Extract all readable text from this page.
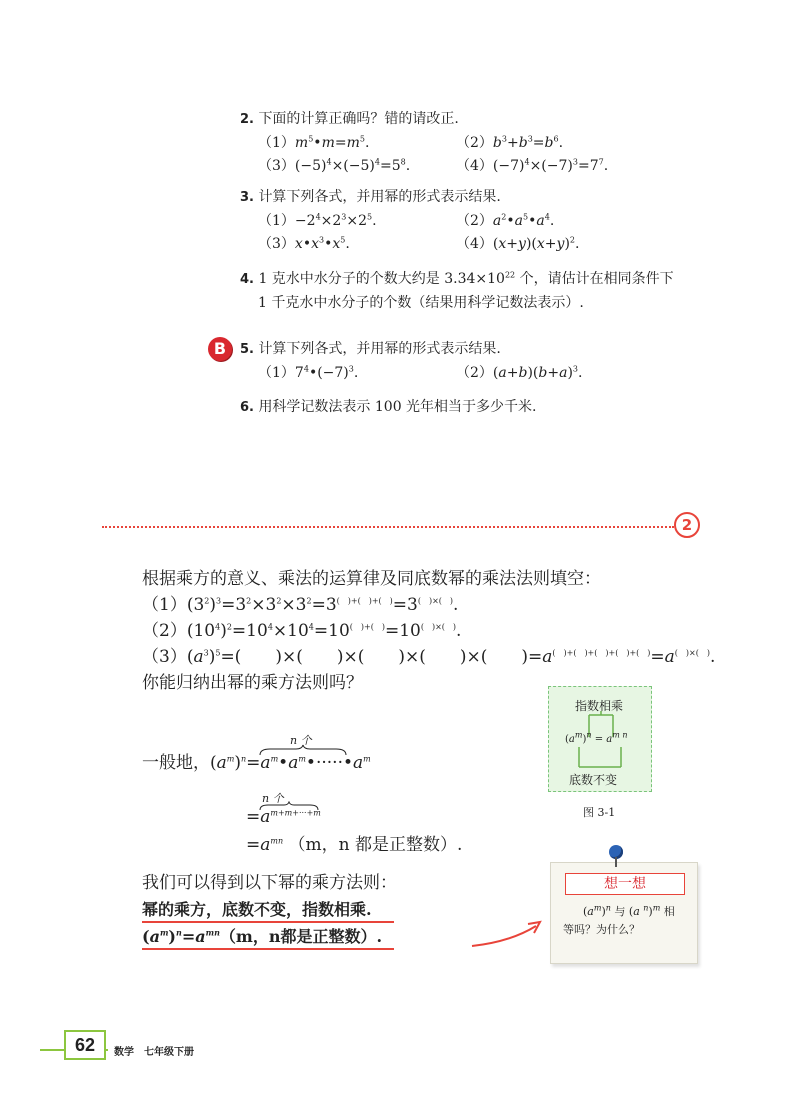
2. 下面的计算正确吗？错的请改正.
$(1)m^5•m=m^5$.	$(2)b^3+b^3=b^6$.
$(3)(-5)^4\times(-5)^4=5^8$.	$(4)(-7)^4\times(-7)^3=7^7$.
3. 计算下列各式，并用幂的形式表示结果.
$(1)-2^4\times 2^3\times 2^5$.	$(2)a^2•a^5•a^4$.
$(3)x•x^3•x^5$.	$(4)(x+y)(x+y)^2$.
4. 1 克水中水分子的个数大约是 $3.34\times 10^{22}$ 个，请估计在相同条件下
1 千克水中水分子的个数（结果用科学记数法表示）.
B	5. 计算下列各式，并用幂的形式表示结果.
$(1)7^4•(-7)^3$.	$(2)(a+b)(b+a)^3$.
6. 用科学记数法表示 100 光年相当于多少千米.
2
根据乘方的意义、乘法的运算律及同底数幂的乘法法则填空：
$(1)(3^2)^3=3^2\times 3^2\times 3^2=3^{( )+( )+( )}=3^{( )\times( )}$.
$(2)(10^4)^2=10^4\times 10^4=10^{( )+( )}=10^{( )\times( )}$.
$(3)(a^3)^5=$(　　)×(　　)×(　　)×(　　)×(　　)=a(　)+(　)+(　)+(　)+(　)=a(　)×(　).
你能归纳出幂的乘方法则吗？
n 个
一般地，$(a^m)^n=a^m•a^m•\cdot\cdot\cdot\cdot\cdot•a^m$
n 个
$=a^{m+m+\cdot\cdot\cdot+m}$
$=a^{mn}$ （m，n 都是正整数）.
我们可以得到以下幂的乘方法则：
幂的乘方，底数不变，指数相乘.
$(a^m)^n=a^{mn}(m$，n都是正整数）.
指数相乘
$(a^m)^n = a^{m n}$
底数不变
图 3-1
想一想
$(a^m)^n$ 与 (a $^n$)$^m$ 相
等吗？为什么？
62	数学　七年级下册
